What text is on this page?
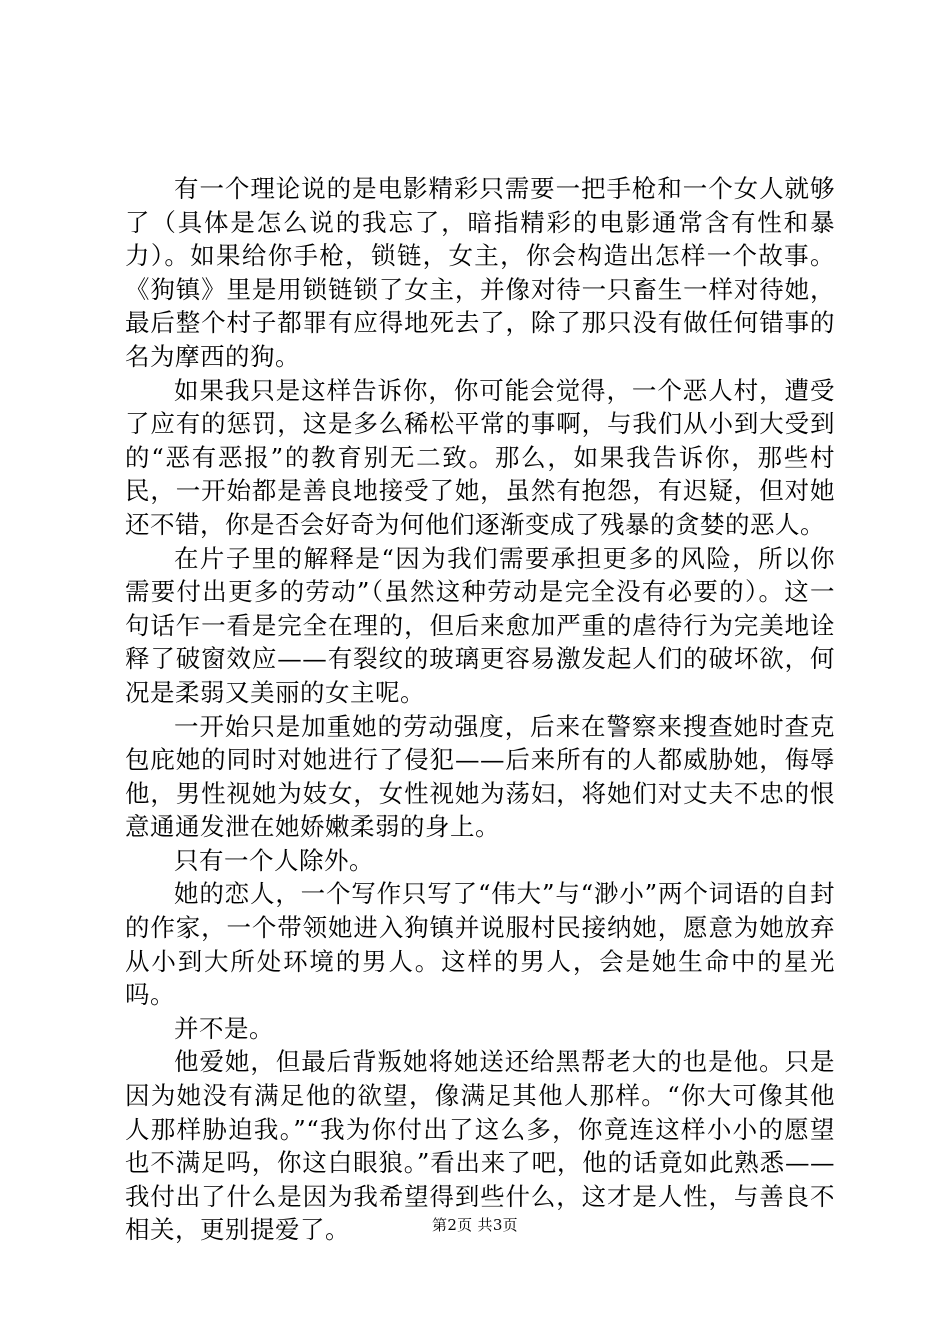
有一个理论说的是电影精彩只需要一把手枪和一个女人就够了（具体是怎么说的我忘了，暗指精彩的电影通常含有性和暴力）。如果给你手枪，锁链，女主，你会构造出怎样一个故事。《狗镇》里是用锁链锁了女主，并像对待一只畜生一样对待她，最后整个村子都罪有应得地死去了，除了那只没有做任何错事的名为摩西的狗。

如果我只是这样告诉你，你可能会觉得，一个恶人村，遭受了应有的惩罚，这是多么稀松平常的事啊，与我们从小到大受到的“恶有恶报”的教育别无二致。那么，如果我告诉你，那些村民，一开始都是善良地接受了她，虽然有抱怨，有迟疑，但对她还不错，你是否会好奇为何他们逐渐变成了残暴的贪婪的恶人。

在片子里的解释是“因为我们需要承担更多的风险，所以你需要付出更多的劳动”（虽然这种劳动是完全没有必要的）。这一句话乍一看是完全在理的，但后来愈加严重的虐待行为完美地诠释了破窗效应——有裂纹的玻璃更容易激发起人们的破坏欲，何况是柔弱又美丽的女主呢。

一开始只是加重她的劳动强度，后来在警察来搜查她时查克包庇她的同时对她进行了侵犯——后来所有的人都威胁她，侮辱他，男性视她为妓女，女性视她为荡妇，将她们对丈夫不忠的恨意通通发泄在她娇嫩柔弱的身上。

只有一个人除外。

她的恋人，一个写作只写了“伟大”与“渺小”两个词语的自封的作家，一个带领她进入狗镇并说服村民接纳她，愿意为她放弃从小到大所处环境的男人。这样的男人，会是她生命中的星光吗。

并不是。

他爱她，但最后背叛她将她送还给黑帮老大的也是他。只是因为她没有满足他的欲望，像满足其他人那样。“你大可像其他人那样胁迫我。”“我为你付出了这么多，你竟连这样小小的愿望也不满足吗，你这白眼狼。”看出来了吧，他的话竟如此熟悉——我付出了什么是因为我希望得到些什么，这才是人性，与善良不相关，更别提爱了。	第2页 共3页
